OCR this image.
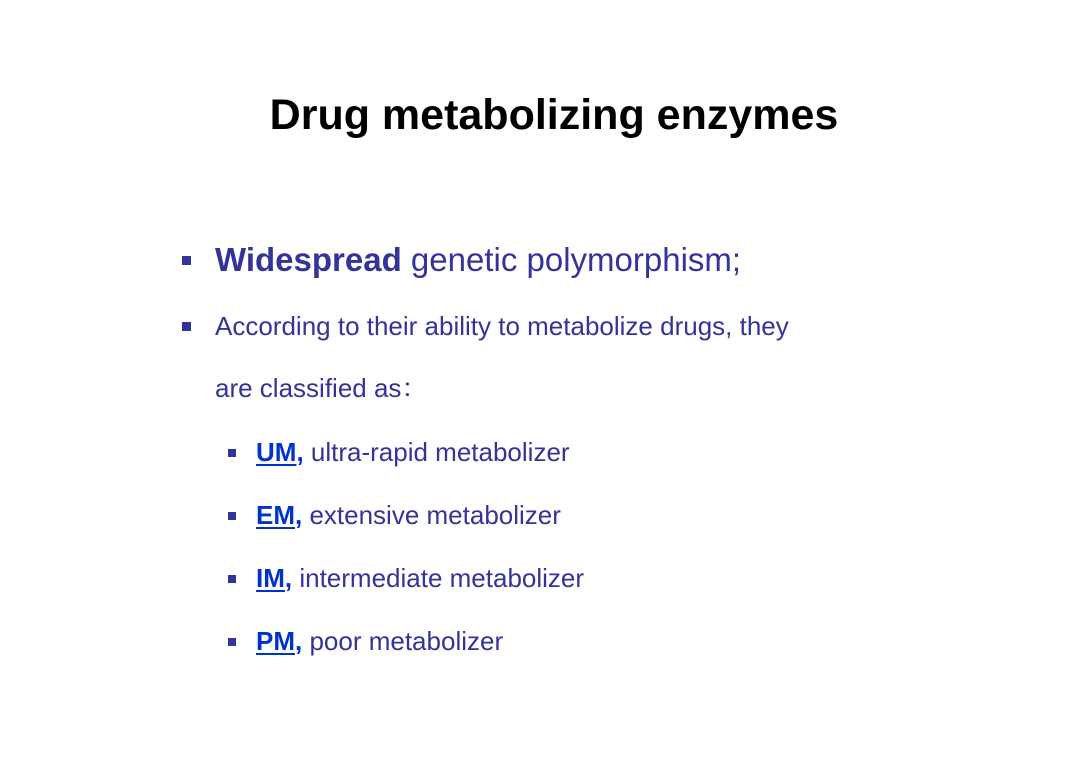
Drug metabolizing enzymes
Widespread genetic polymorphism;
According to their ability to metabolize drugs, they
are classified as：
UM, ultra-rapid metabolizer
EM, extensive metabolizer
IM, intermediate metabolizer
PM, poor metabolizer
